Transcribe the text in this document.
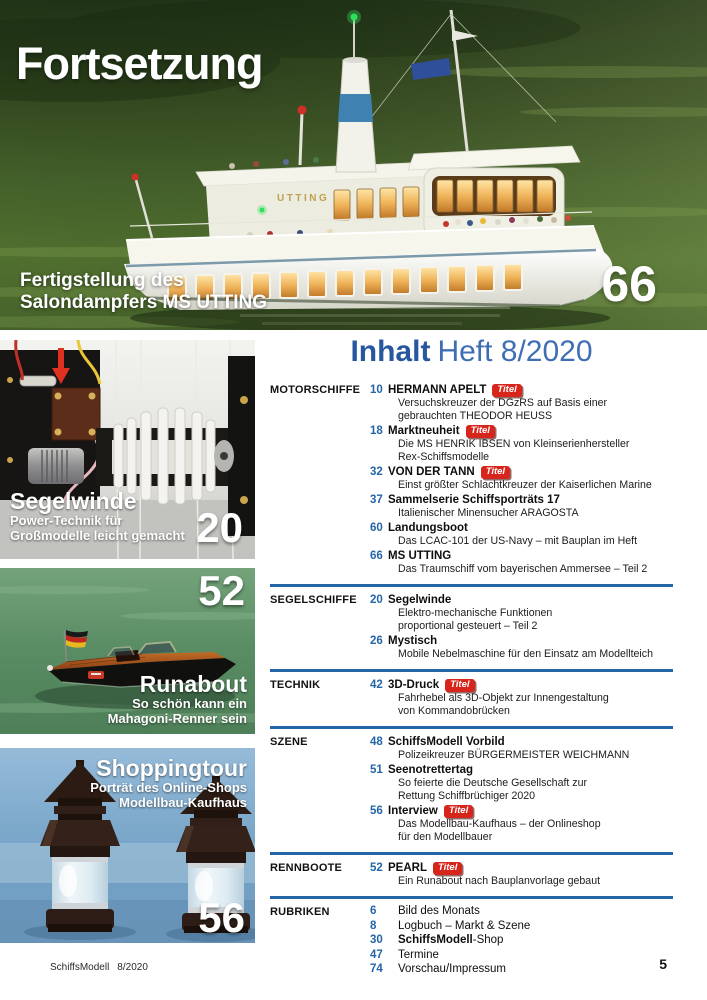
UTTING
Fortsetzung
Fertigstellung des
Salondampfers MS UTTING	66
Segelwinde
Power-Technik für
Großmodelle leicht gemacht 20
52
Runabout
So schön kann ein
Mahagoni-Renner sein
Shoppingtour
Porträt des Online-Shops
Modellbau-Kaufhaus
56
Inhalt Heft 8/2020
MOTORSCHIFFE 10 HERMANN APELT Titel
Versuchskreuzer der DGzRS auf Basis einer
gebrauchten THEODOR HEUSS
18 Marktneuheit Titel
Die MS HENRIK IBSEN von Kleinserienhersteller
Rex-Schiffsmodelle
32 VON DER TANN Titel
Einst größter Schlachtkreuzer der Kaiserlichen Marine
37 Sammelserie Schiffsporträts 17
Italienischer Minensucher ARAGOSTA
60 Landungsboot
Das LCAC-101 der US-Navy – mit Bauplan im Heft
66 MS UTTING
Das Traumschiff vom bayerischen Ammersee – Teil 2
SEGELSCHIFFE	20 Segelwinde
Elektro-mechanische Funktionen
proportional gesteuert – Teil 2
26 Mystisch
Mobile Nebelmaschine für den Einsatz am Modellteich
TECHNIK	42 3D-Druck Titel
Fahrhebel als 3D-Objekt zur Innengestaltung
von Kommandobrücken
SZENE	48 SchiffsModell Vorbild
Polizeikreuzer BÜRGERMEISTER WEICHMANN
51 Seenotrettertag
So feierte die Deutsche Gesellschaft zur
Rettung Schiffbrüchiger 2020
56 Interview Titel
Das Modellbau-Kaufhaus – der Onlineshop
für den Modellbauer
RENNBOOTE	52 PEARL Titel
Ein Runabout nach Bauplanvorlage gebaut
RUBRIKEN	6 Bild des Monats
8 Logbuch – Markt & Szene
30 SchiffsModell-Shop
47 Termine
74 Vorschau/Impressum
SchiffsModell 8/2020	5
